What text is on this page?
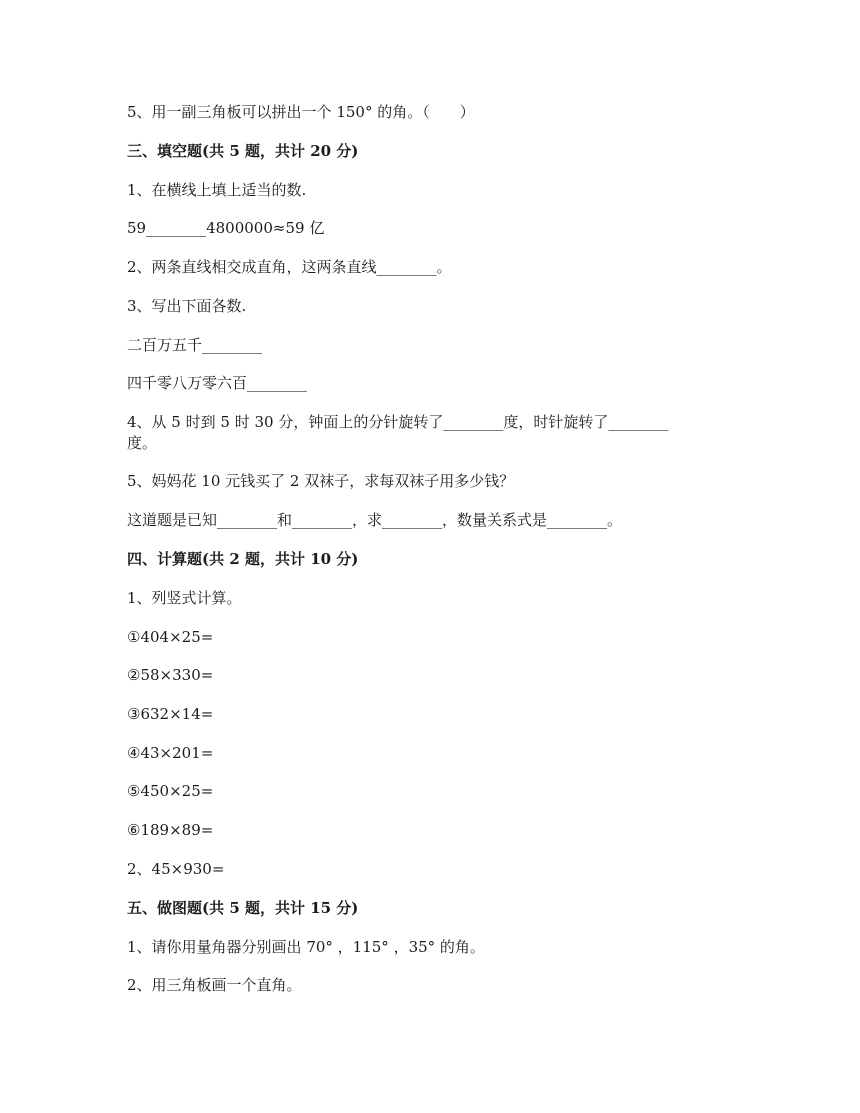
5、用一副三角板可以拼出一个 150° 的角。（　　）
三、填空题(共 5 题，共计 20 分)
1、在横线上填上适当的数.
59________4800000≈59 亿
2、两条直线相交成直角，这两条直线________。
3、写出下面各数.
二百万五千________
四千零八万零六百________
4、从 5 时到 5 时 30 分，钟面上的分针旋转了________度，时针旋转了________
度。
5、妈妈花 10 元钱买了 2 双袜子，求每双袜子用多少钱？
这道题是已知________和________，求________，数量关系式是________。
四、计算题(共 2 题，共计 10 分)
1、列竖式计算。
①404×25=
②58×330=
③632×14=
④43×201=
⑤450×25=
⑥189×89=
2、45×930=
五、做图题(共 5 题，共计 15 分)
1、请你用量角器分别画出 70° ，115° ，35° 的角。
2、用三角板画一个直角。
